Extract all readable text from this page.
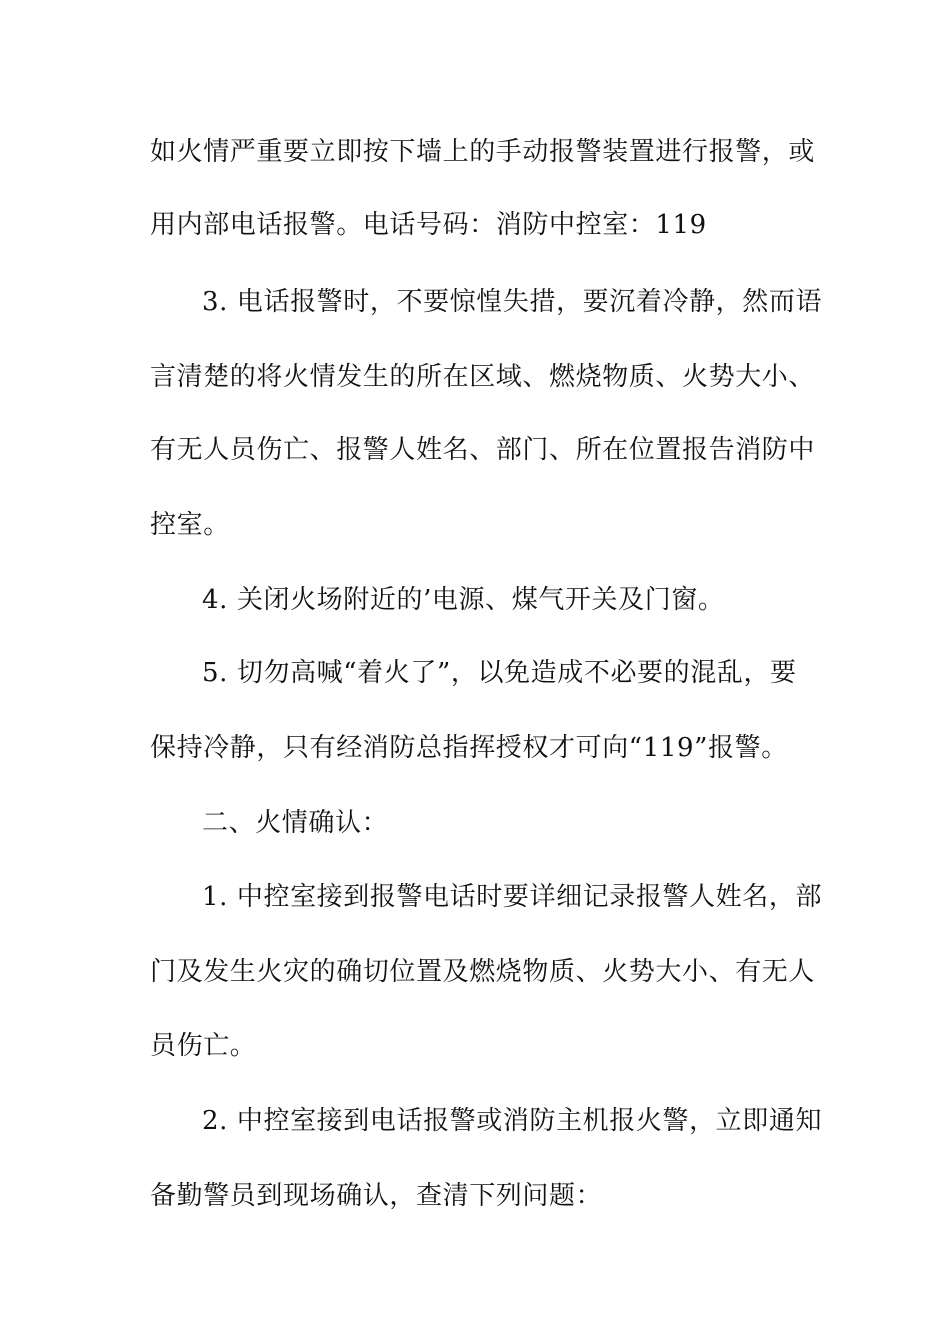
如火情严重要立即按下墙上的手动报警装置进行报警，或
用内部电话报警。电话号码：消防中控室：119
3. 电话报警时，不要惊惶失措，要沉着冷静，然而语
言清楚的将火情发生的所在区域、燃烧物质、火势大小、
有无人员伤亡、报警人姓名、部门、所在位置报告消防中
控室。
4. 关闭火场附近的’电源、煤气开关及门窗。
5. 切勿高喊“着火了”，以免造成不必要的混乱，要
保持冷静，只有经消防总指挥授权才可向“119”报警。
二、火情确认：
1. 中控室接到报警电话时要详细记录报警人姓名，部
门及发生火灾的确切位置及燃烧物质、火势大小、有无人
员伤亡。
2. 中控室接到电话报警或消防主机报火警，立即通知
备勤警员到现场确认，查清下列问题：
